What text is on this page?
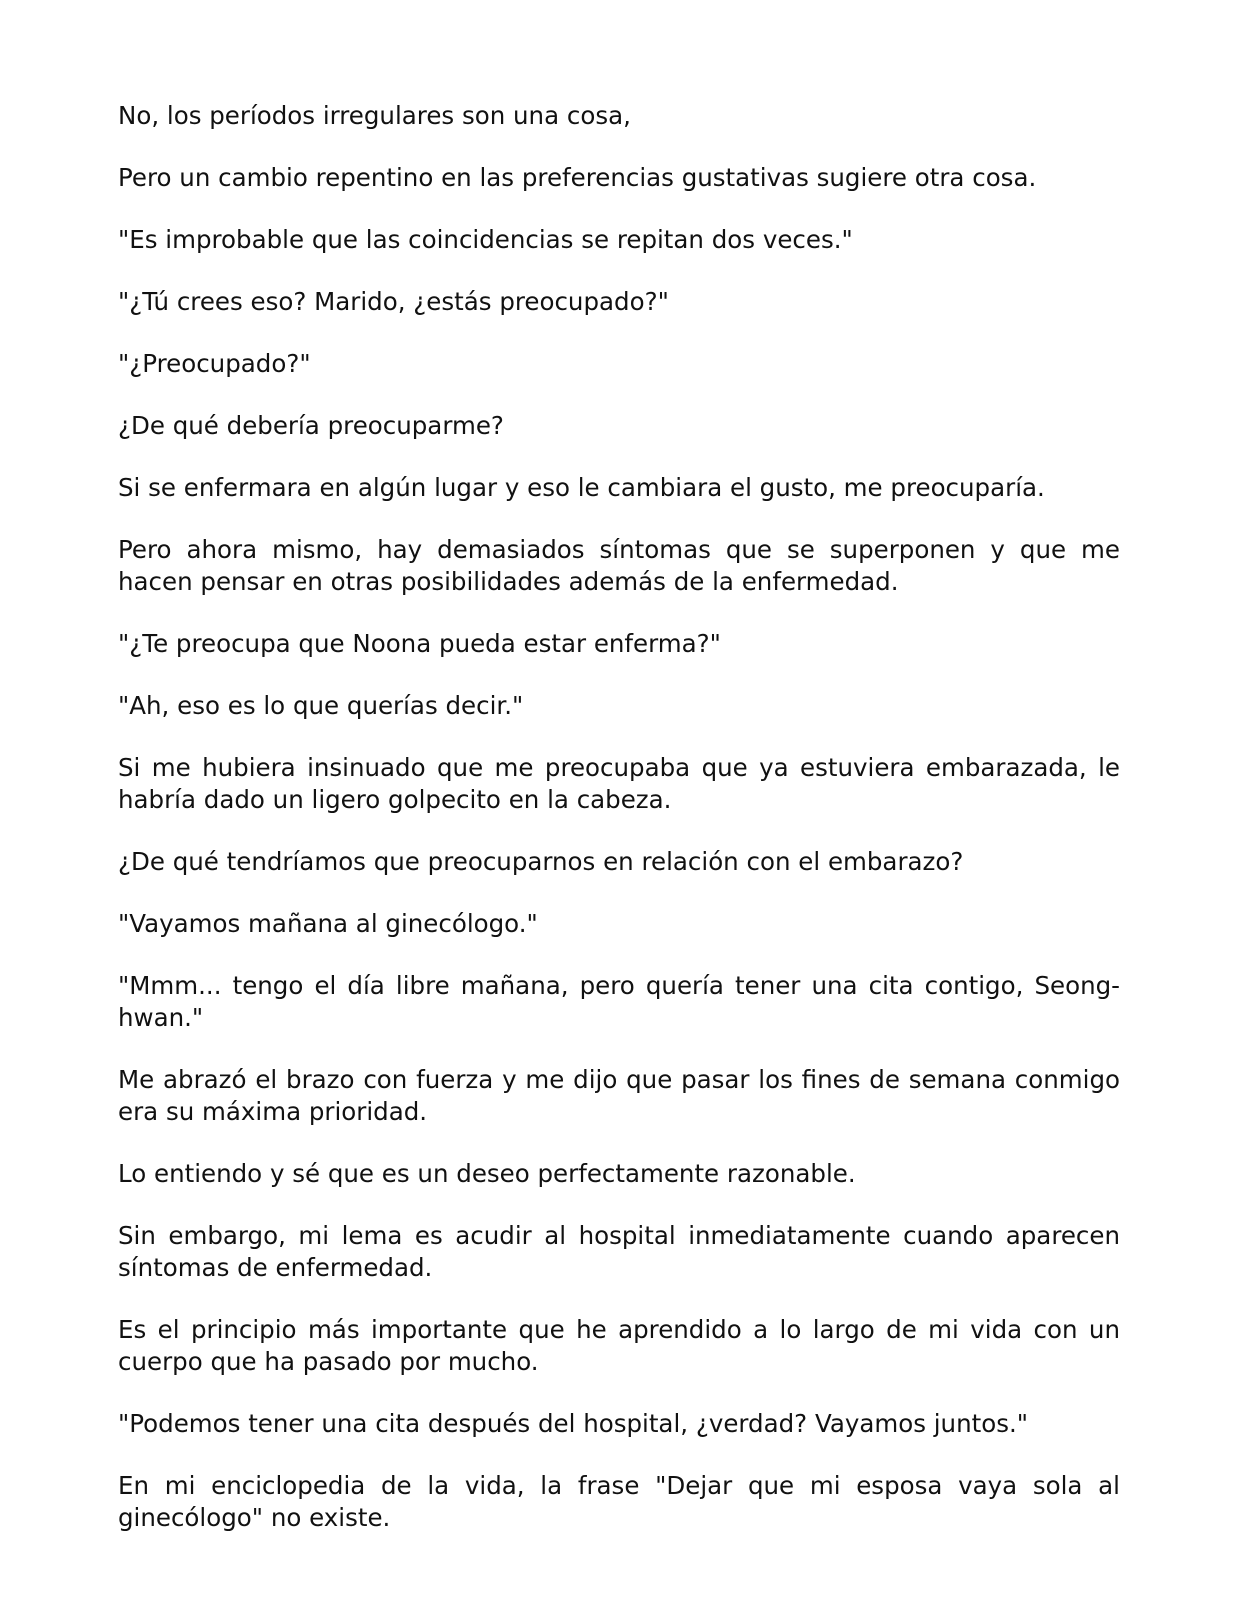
No, los períodos irregulares son una cosa,

Pero un cambio repentino en las preferencias gustativas sugiere otra cosa.

"Es improbable que las coincidencias se repitan dos veces."

"¿Tú crees eso? Marido, ¿estás preocupado?"

"¿Preocupado?"

¿De qué debería preocuparme?

Si se enfermara en algún lugar y eso le cambiara el gusto, me preocuparía.

Pero ahora mismo, hay demasiados síntomas que se superponen y que me hacen pensar en otras posibilidades además de la enfermedad.

"¿Te preocupa que Noona pueda estar enferma?"

"Ah, eso es lo que querías decir."

Si me hubiera insinuado que me preocupaba que ya estuviera embarazada, le habría dado un ligero golpecito en la cabeza.

¿De qué tendríamos que preocuparnos en relación con el embarazo?

"Vayamos mañana al ginecólogo."

"Mmm... tengo el día libre mañana, pero quería tener una cita contigo, Seong-hwan."

Me abrazó el brazo con fuerza y me dijo que pasar los fines de semana conmigo era su máxima prioridad.

Lo entiendo y sé que es un deseo perfectamente razonable.

Sin embargo, mi lema es acudir al hospital inmediatamente cuando aparecen síntomas de enfermedad.

Es el principio más importante que he aprendido a lo largo de mi vida con un cuerpo que ha pasado por mucho.

"Podemos tener una cita después del hospital, ¿verdad? Vayamos juntos."

En mi enciclopedia de la vida, la frase "Dejar que mi esposa vaya sola al ginecólogo" no existe.
